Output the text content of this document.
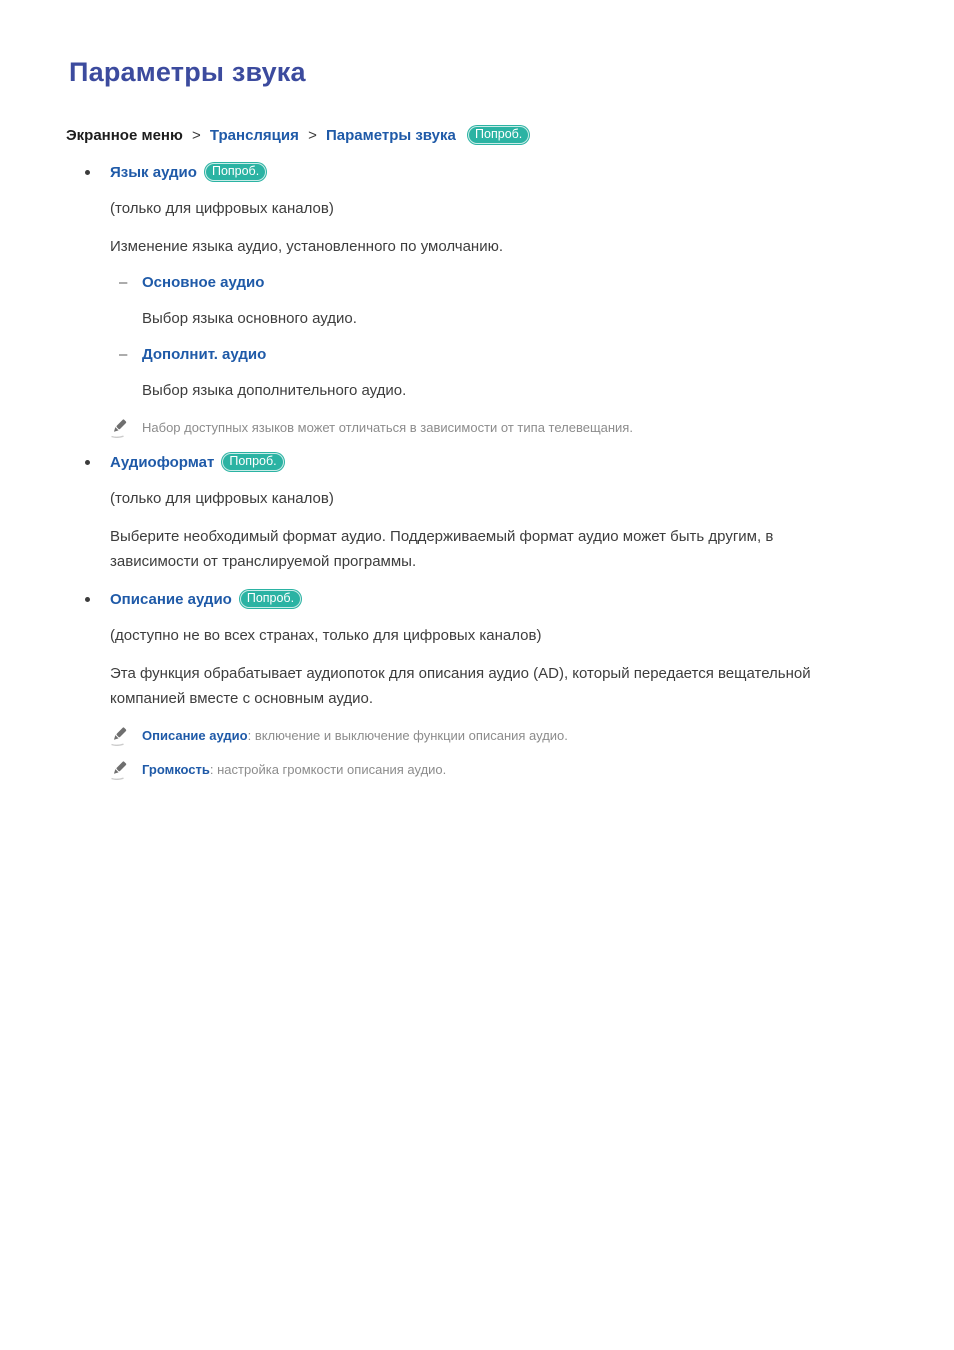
Параметры звука
Экранное меню > Трансляция > Параметры звука Попроб.
Язык аудио Попроб.

(только для цифровых каналов)

Изменение языка аудио, установленного по умолчанию.

– Основное аудио

Выбор языка основного аудио.

– Дополнит. аудио

Выбор языка дополнительного аудио.

Набор доступных языков может отличаться в зависимости от типа телевещания.
Аудиоформат Попроб.

(только для цифровых каналов)

Выберите необходимый формат аудио. Поддерживаемый формат аудио может быть другим, в зависимости от транслируемой программы.

Описание аудио Попроб.

(доступно не во всех странах, только для цифровых каналов)

Эта функция обрабатывает аудиопоток для описания аудио (AD), который передается вещательной компанией вместе с основным аудио.

Описание аудио: включение и выключение функции описания аудио.
Громкость: настройка громкости описания аудио.
